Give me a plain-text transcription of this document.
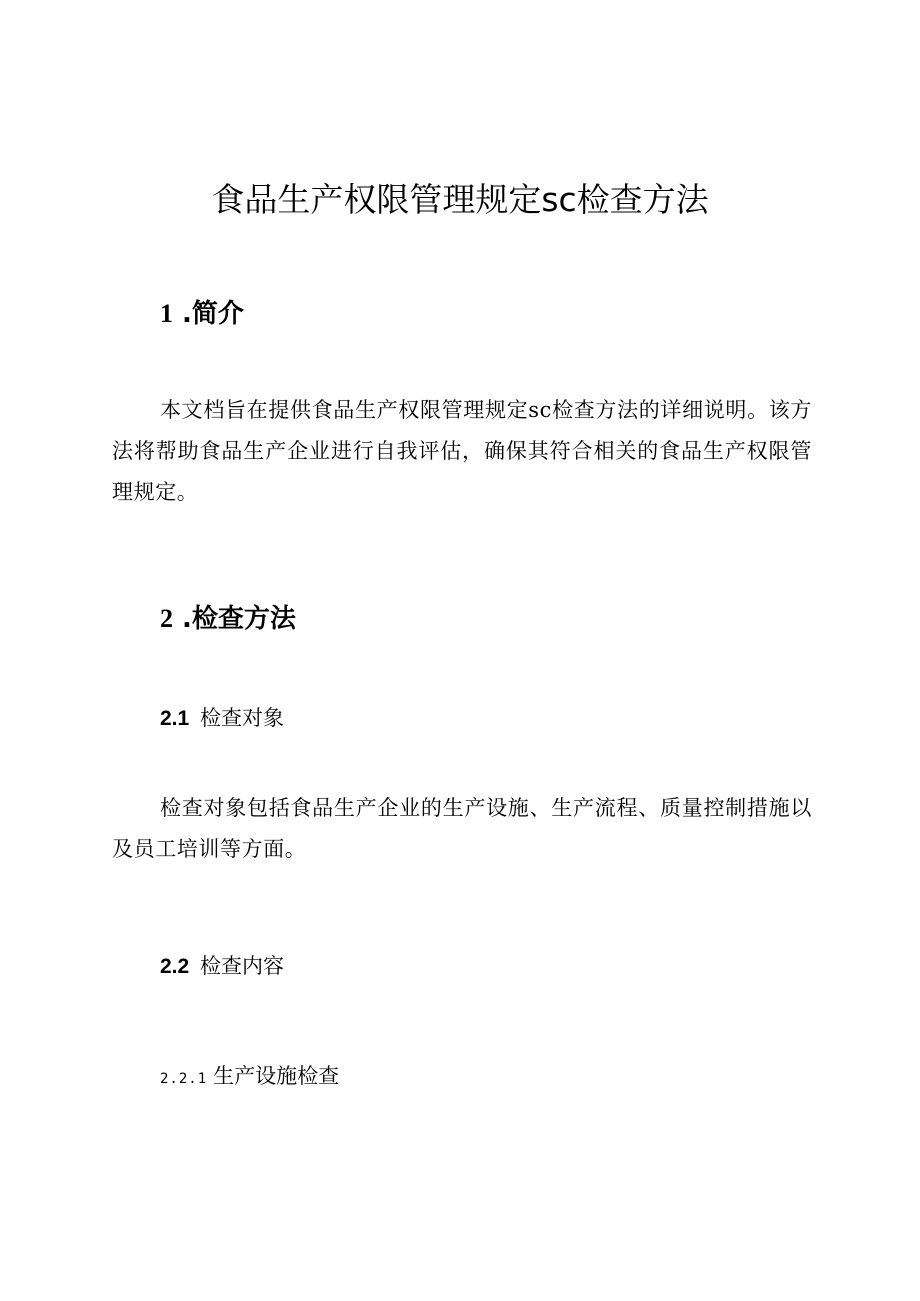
食品生产权限管理规定sc检查方法
1 .简介
本文档旨在提供食品生产权限管理规定sc检查方法的详细说明。该方法将帮助食品生产企业进行自我评估，确保其符合相关的食品生产权限管理规定。
2 .检查方法
2.1 检查对象
检查对象包括食品生产企业的生产设施、生产流程、质量控制措施以及员工培训等方面。
2.2 检查内容
2.2.1 生产设施检查
